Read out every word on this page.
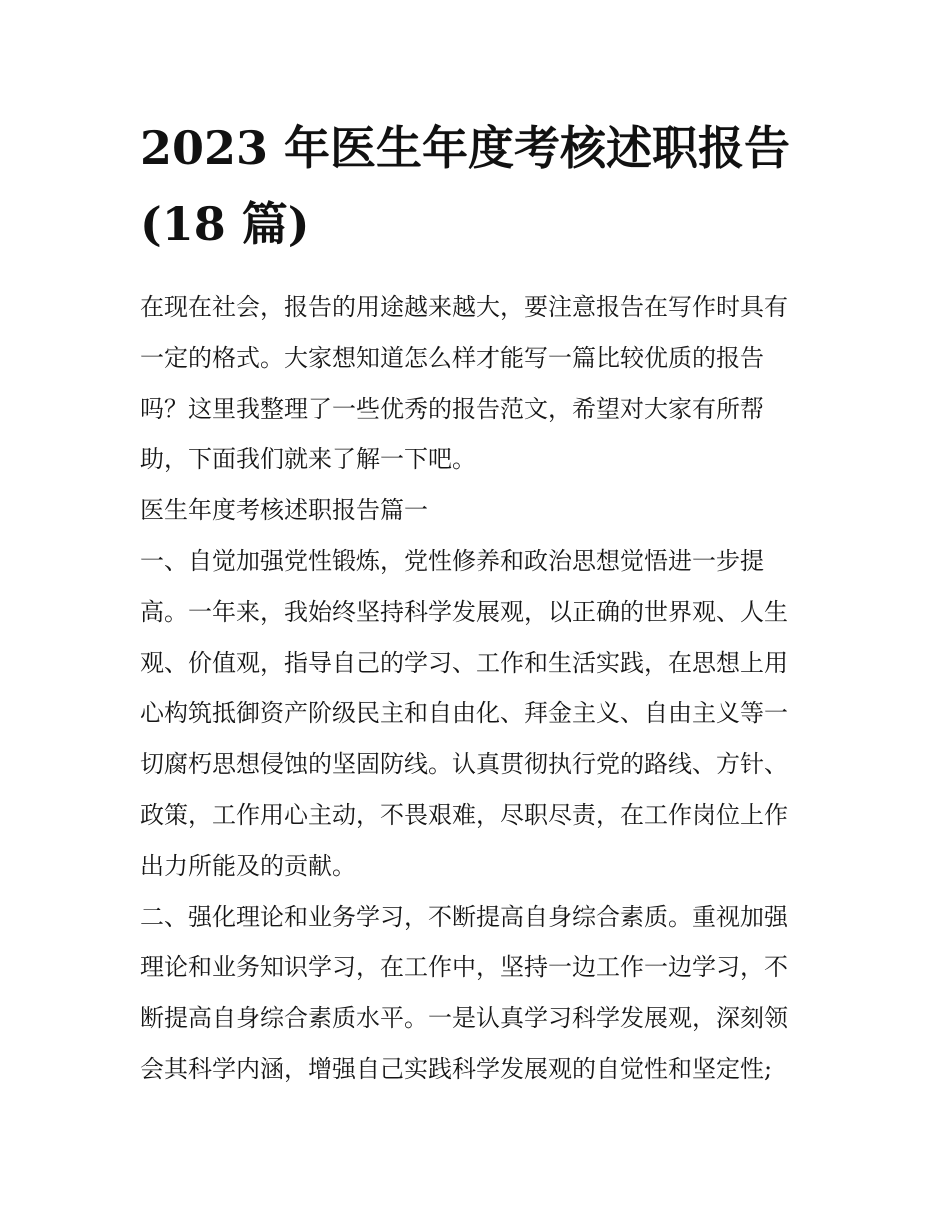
2023 年医生年度考核述职报告
(18 篇)

在现在社会，报告的用途越来越大，要注意报告在写作时具有
一定的格式。大家想知道怎么样才能写一篇比较优质的报告
吗？这里我整理了一些优秀的报告范文，希望对大家有所帮
助，下面我们就来了解一下吧。

医生年度考核述职报告篇一

一、自觉加强党性锻炼，党性修养和政治思想觉悟进一步提
高。一年来，我始终坚持科学发展观，以正确的世界观、人生
观、价值观，指导自己的学习、工作和生活实践，在思想上用
心构筑抵御资产阶级民主和自由化、拜金主义、自由主义等一
切腐朽思想侵蚀的坚固防线。认真贯彻执行党的路线、方针、
政策，工作用心主动，不畏艰难，尽职尽责，在工作岗位上作
出力所能及的贡献。

二、强化理论和业务学习，不断提高自身综合素质。重视加强
理论和业务知识学习，在工作中，坚持一边工作一边学习，不
断提高自身综合素质水平。一是认真学习科学发展观，深刻领
会其科学内涵，增强自己实践科学发展观的自觉性和坚定性;
